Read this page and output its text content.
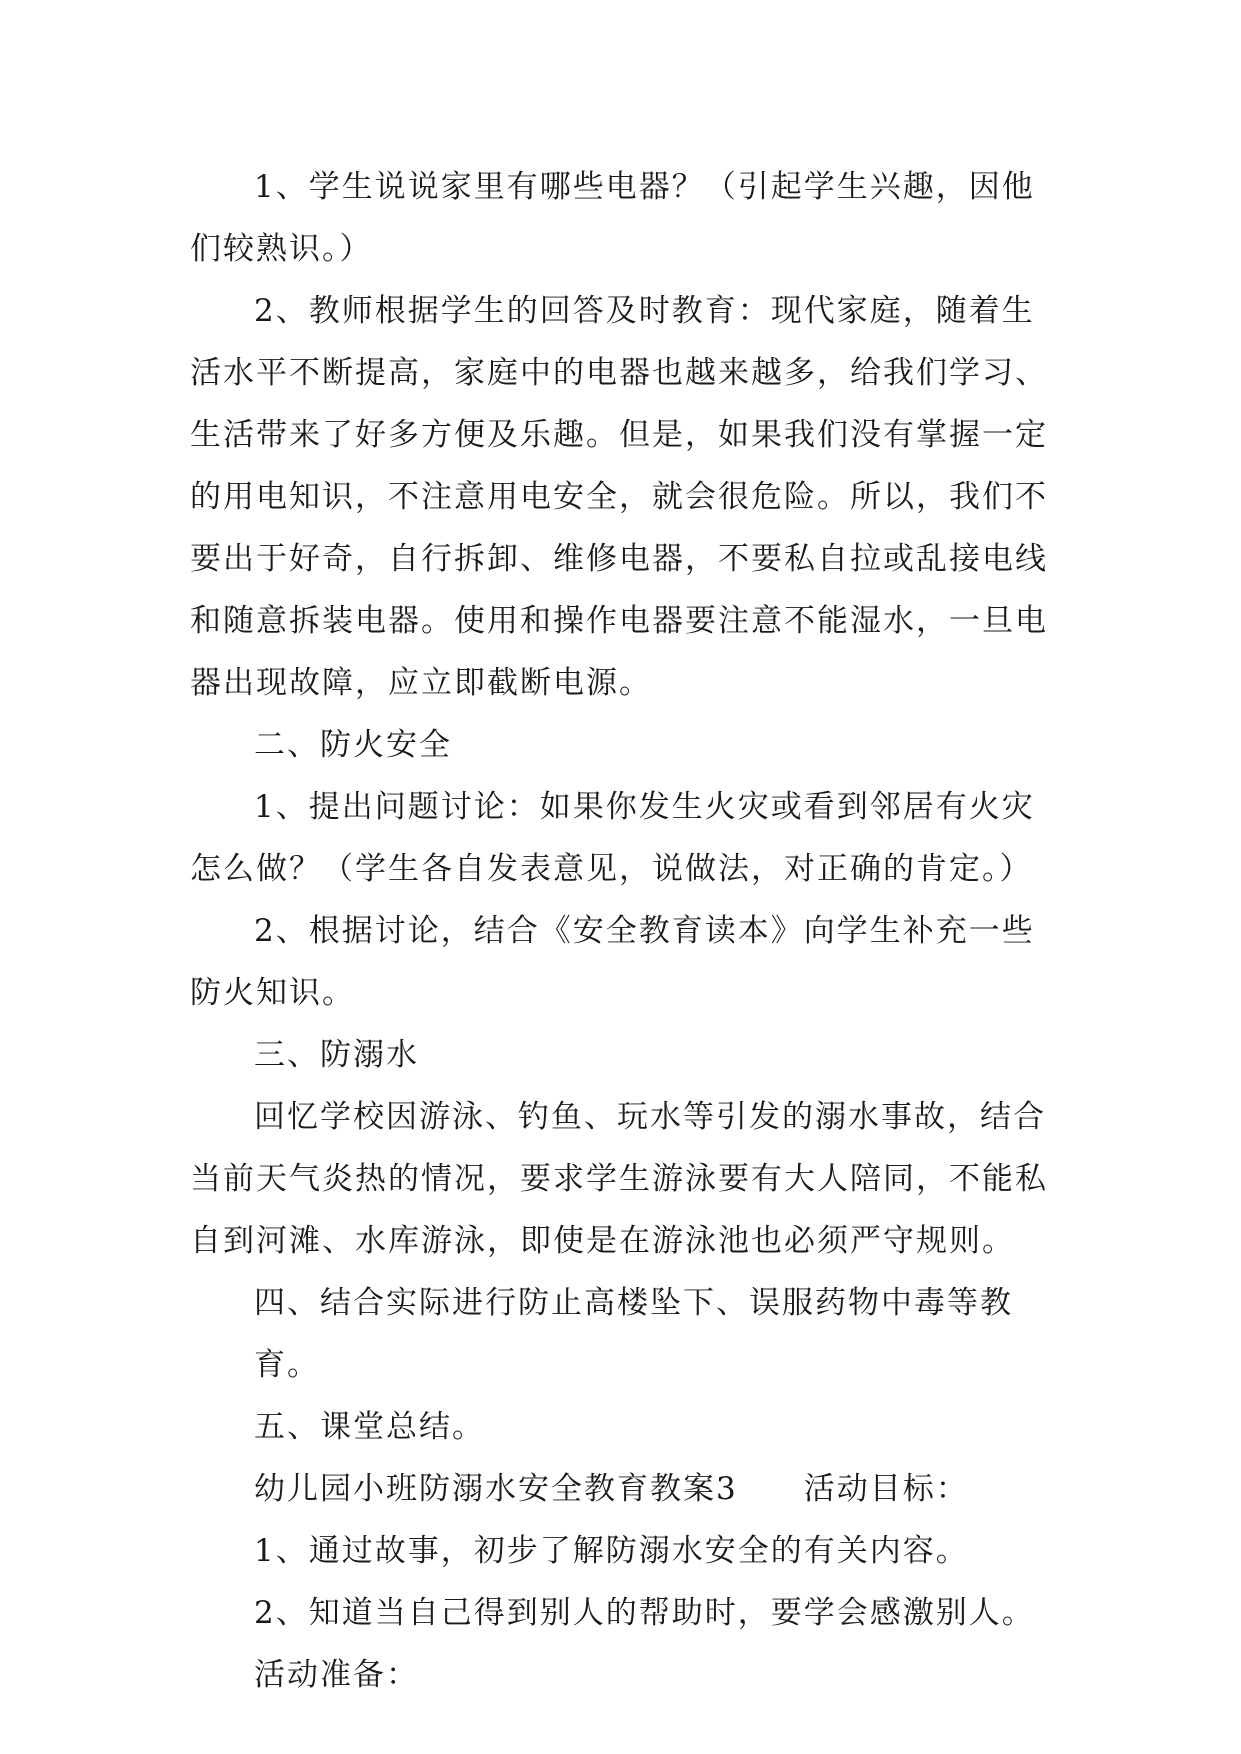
1、学生说说家里有哪些电器？（引起学生兴趣，因他
们较熟识。）

2、教师根据学生的回答及时教育：现代家庭，随着生
活水平不断提高，家庭中的电器也越来越多，给我们学习、
生活带来了好多方便及乐趣。但是，如果我们没有掌握一定
的用电知识，不注意用电安全，就会很危险。所以，我们不
要出于好奇，自行拆卸、维修电器，不要私自拉或乱接电线
和随意拆装电器。使用和操作电器要注意不能湿水，一旦电
器出现故障，应立即截断电源。

二、防火安全

1、提出问题讨论：如果你发生火灾或看到邻居有火灾
怎么做？（学生各自发表意见，说做法，对正确的肯定。）

2、根据讨论，结合《安全教育读本》向学生补充一些
防火知识。

三、防溺水

回忆学校因游泳、钓鱼、玩水等引发的溺水事故，结合
当前天气炎热的情况，要求学生游泳要有大人陪同，不能私
自到河滩、水库游泳，即使是在游泳池也必须严守规则。

四、结合实际进行防止高楼坠下、误服药物中毒等教育。

五、课堂总结。

幼儿园小班防溺水安全教育教案3　　活动目标：

1、通过故事，初步了解防溺水安全的有关内容。

2、知道当自己得到别人的帮助时，要学会感激别人。

活动准备：
